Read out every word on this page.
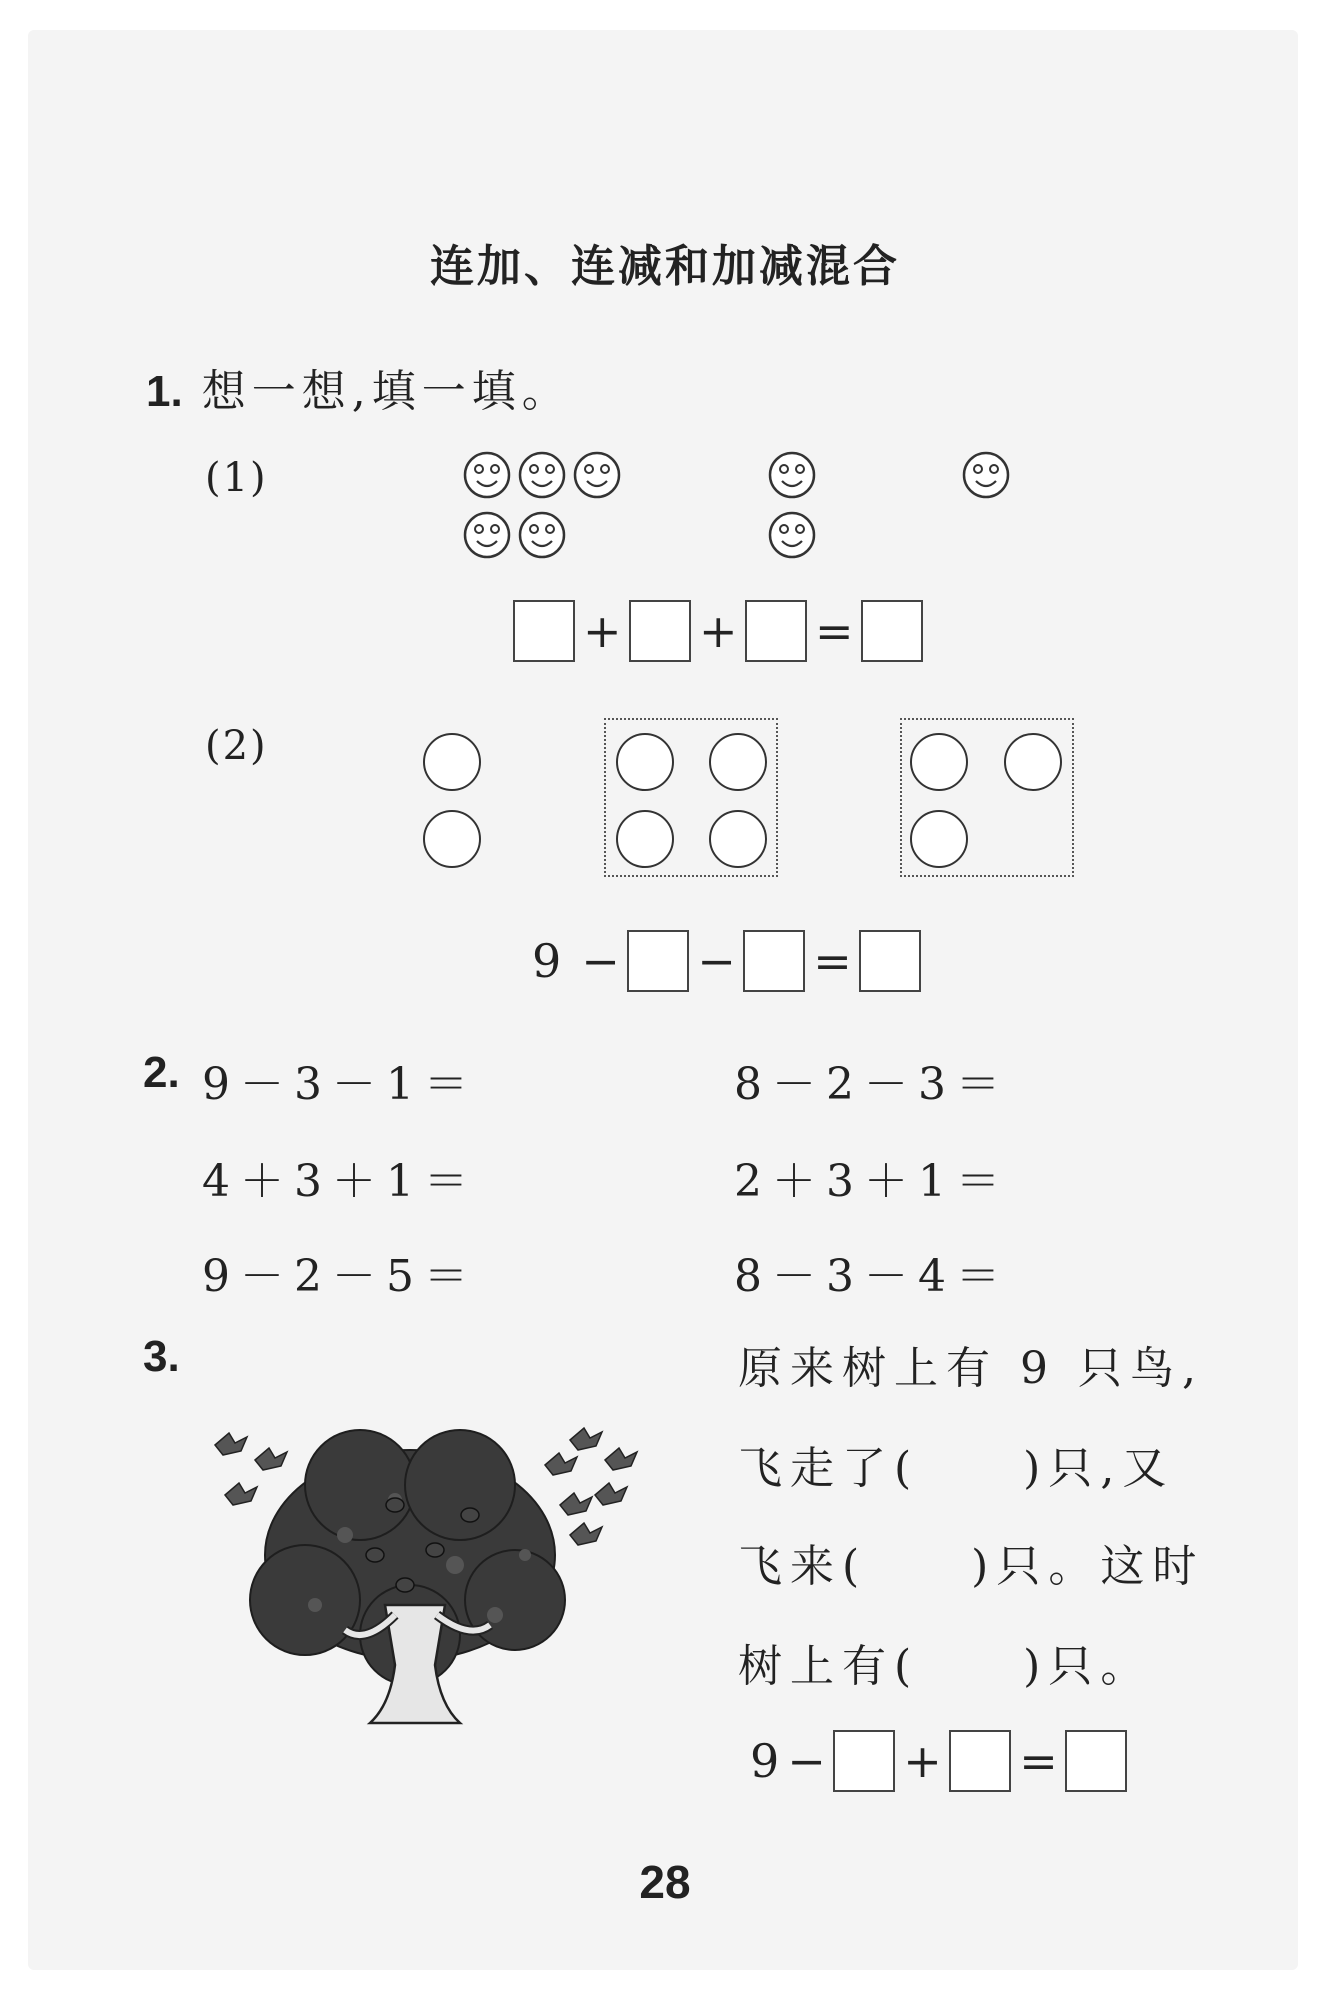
连加、连减和加减混合
1. 想一想,填一填。
(1)
+ + =
(2)
9 − − =
2. 9－3－1＝	8－2－3＝
4＋3＋1＝	2＋3＋1＝
9－2－5＝	8－3－4＝
3.	原来树上有 9 只鸟,
飞走了(　　)只,又
飞来(　　)只。这时
树上有(　　)只。
9 − + =
28
